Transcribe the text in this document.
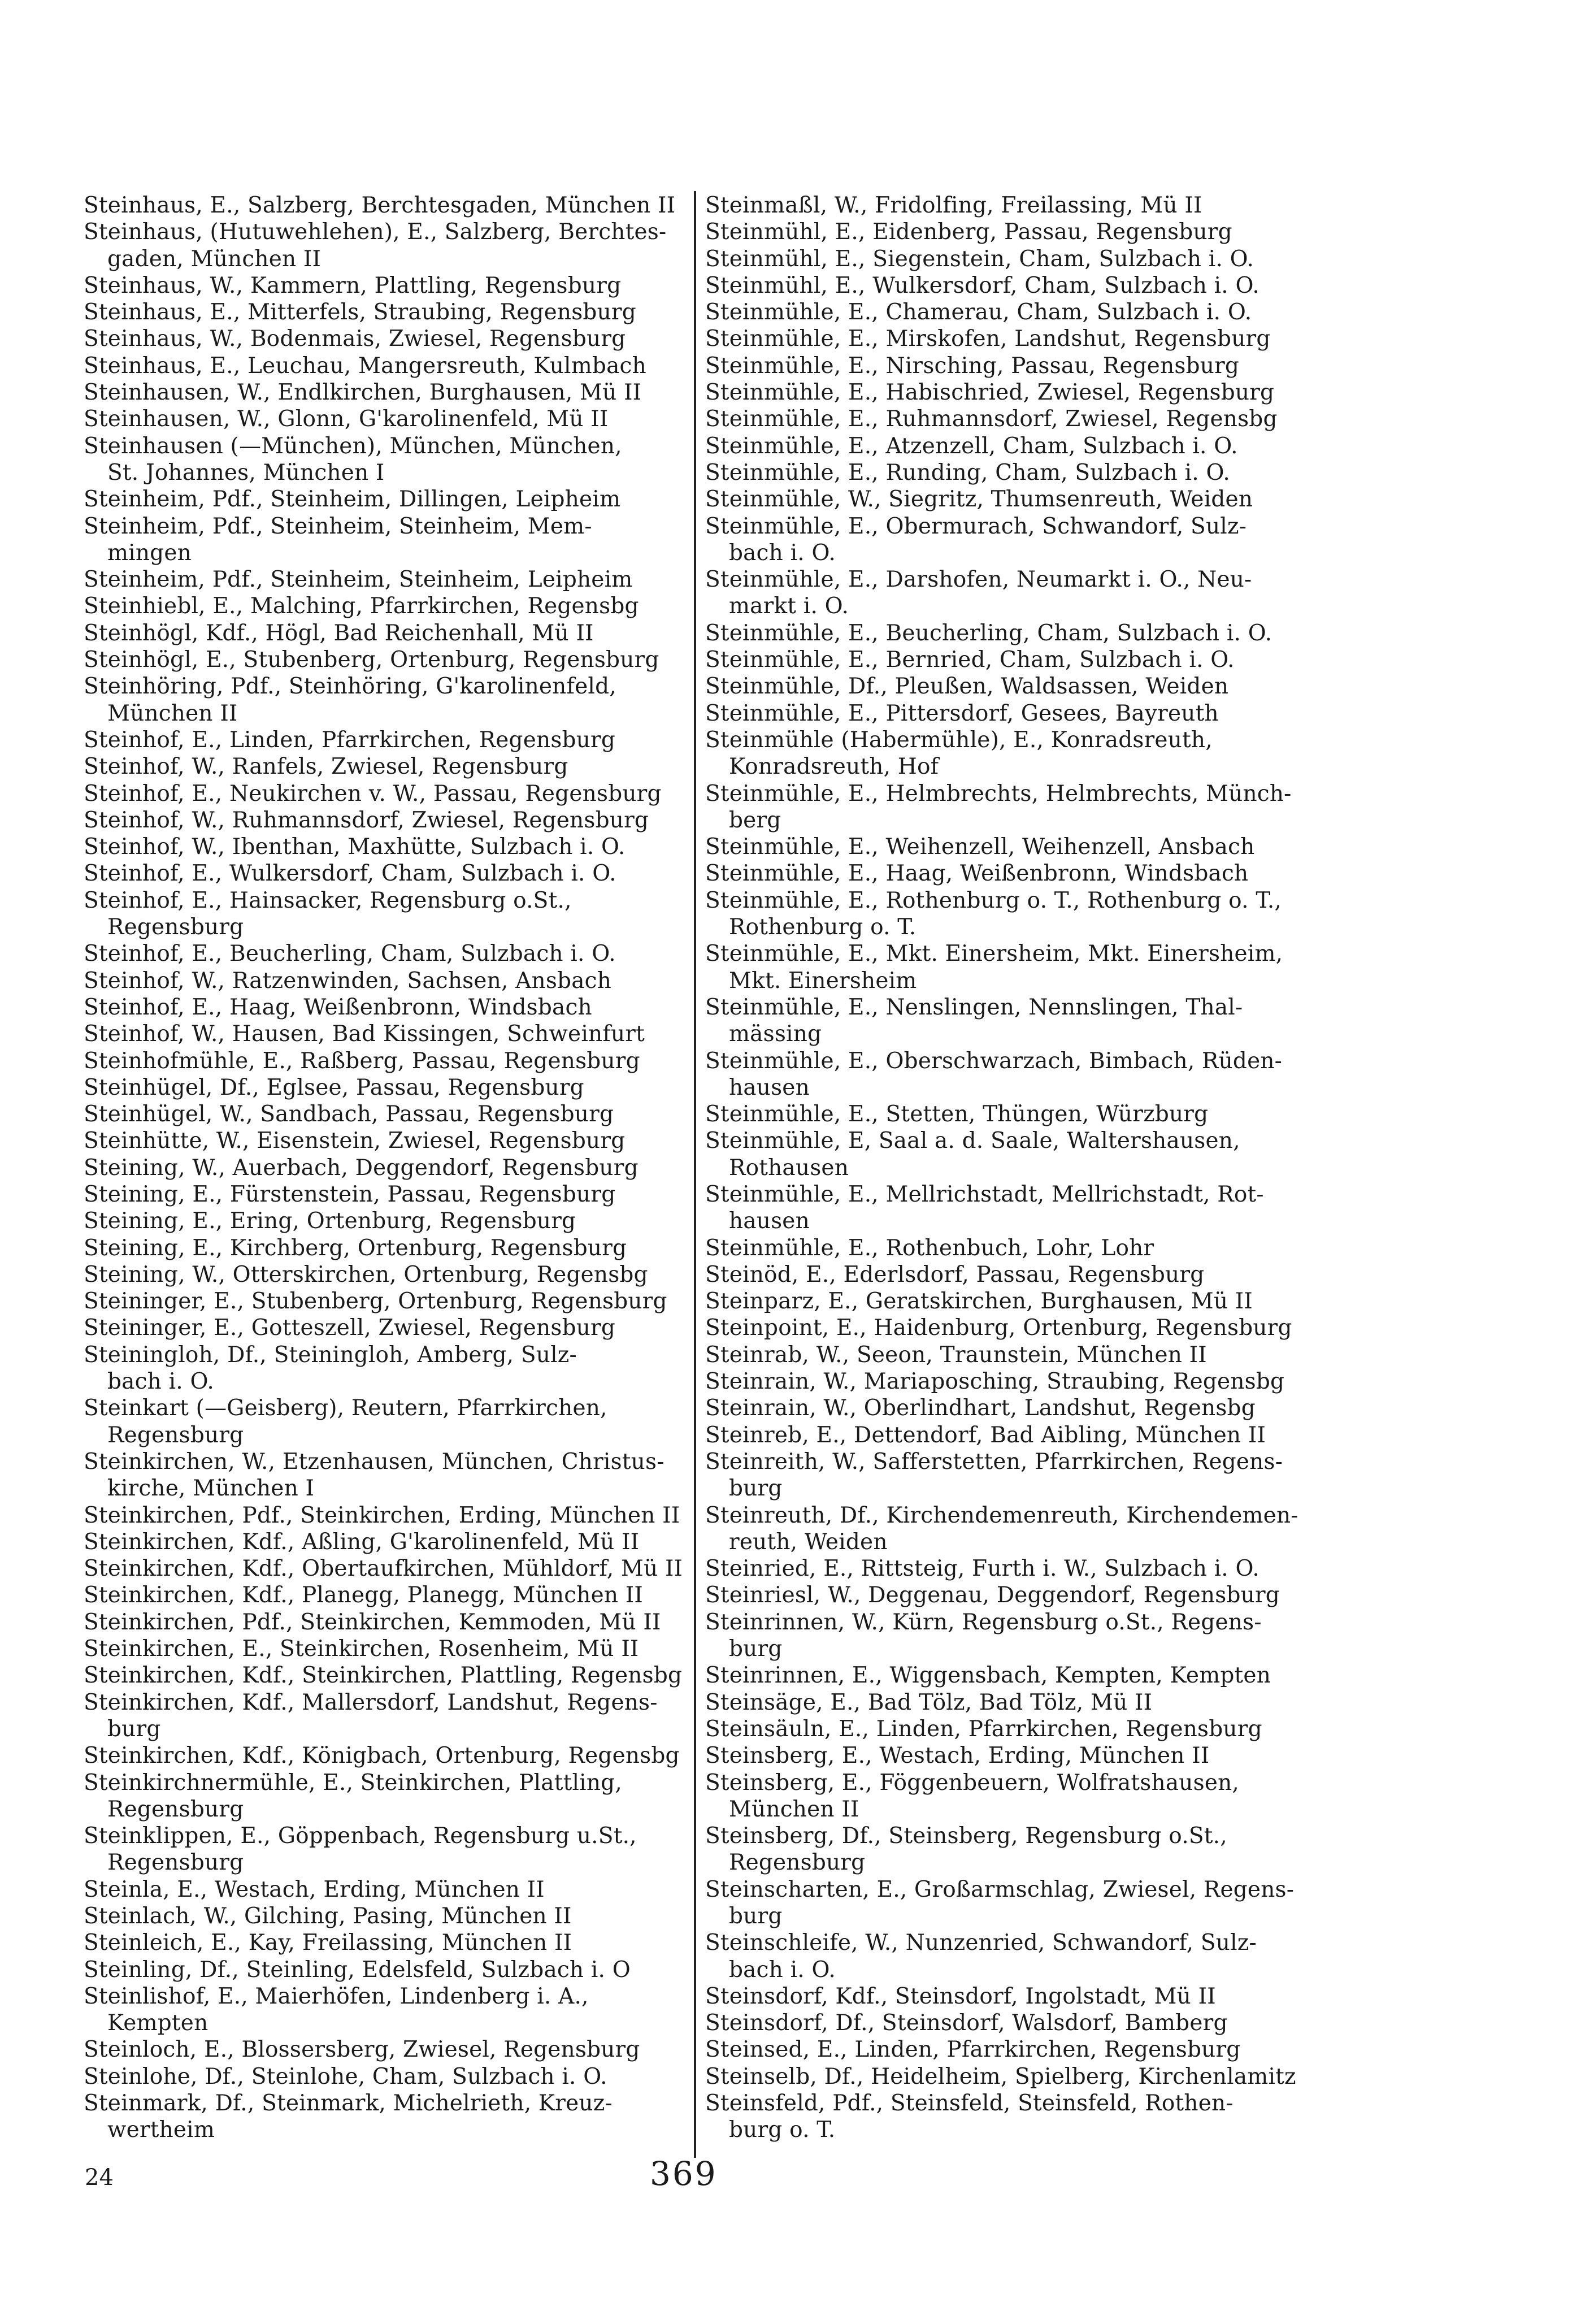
Steinhaus, E., Salzberg, Berchtesgaden, München II
Steinhaus, (Hutuwehlehen), E., Salzberg, Berchtes-
gaden, München II
Steinhaus, W., Kammern, Plattling, Regensburg
Steinhaus, E., Mitterfels, Straubing, Regensburg
Steinhaus, W., Bodenmais, Zwiesel, Regensburg
Steinhaus, E., Leuchau, Mangersreuth, Kulmbach
Steinhausen, W., Endlkirchen, Burghausen, Mü II
Steinhausen, W., Glonn, G'karolinenfeld, Mü II
Steinhausen (—München), München, München,
St. Johannes, München I
Steinheim, Pdf., Steinheim, Dillingen, Leipheim
Steinheim, Pdf., Steinheim, Steinheim, Mem-
mingen
Steinheim, Pdf., Steinheim, Steinheim, Leipheim
Steinhiebl, E., Malching, Pfarrkirchen, Regensbg
Steinhögl, Kdf., Högl, Bad Reichenhall, Mü II
Steinhögl, E., Stubenberg, Ortenburg, Regensburg
Steinhöring, Pdf., Steinhöring, G'karolinenfeld,
München II
Steinhof, E., Linden, Pfarrkirchen, Regensburg
Steinhof, W., Ranfels, Zwiesel, Regensburg
Steinhof, E., Neukirchen v. W., Passau, Regensburg
Steinhof, W., Ruhmannsdorf, Zwiesel, Regensburg
Steinhof, W., Ibenthan, Maxhütte, Sulzbach i. O.
Steinhof, E., Wulkersdorf, Cham, Sulzbach i. O.
Steinhof, E., Hainsacker, Regensburg o.St.,
Regensburg
Steinhof, E., Beucherling, Cham, Sulzbach i. O.
Steinhof, W., Ratzenwinden, Sachsen, Ansbach
Steinhof, E., Haag, Weißenbronn, Windsbach
Steinhof, W., Hausen, Bad Kissingen, Schweinfurt
Steinhofmühle, E., Raßberg, Passau, Regensburg
Steinhügel, Df., Eglsee, Passau, Regensburg
Steinhügel, W., Sandbach, Passau, Regensburg
Steinhütte, W., Eisenstein, Zwiesel, Regensburg
Steining, W., Auerbach, Deggendorf, Regensburg
Steining, E., Fürstenstein, Passau, Regensburg
Steining, E., Ering, Ortenburg, Regensburg
Steining, E., Kirchberg, Ortenburg, Regensburg
Steining, W., Otterskirchen, Ortenburg, Regensbg
Steininger, E., Stubenberg, Ortenburg, Regensburg
Steininger, E., Gotteszell, Zwiesel, Regensburg
Steiningloh, Df., Steiningloh, Amberg, Sulz-
bach i. O.
Steinkart (—Geisberg), Reutern, Pfarrkirchen,
Regensburg
Steinkirchen, W., Etzenhausen, München, Christus-
kirche, München I
Steinkirchen, Pdf., Steinkirchen, Erding, München II
Steinkirchen, Kdf., Aßling, G'karolinenfeld, Mü II
Steinkirchen, Kdf., Obertaufkirchen, Mühldorf, Mü II
Steinkirchen, Kdf., Planegg, Planegg, München II
Steinkirchen, Pdf., Steinkirchen, Kemmoden, Mü II
Steinkirchen, E., Steinkirchen, Rosenheim, Mü II
Steinkirchen, Kdf., Steinkirchen, Plattling, Regensbg
Steinkirchen, Kdf., Mallersdorf, Landshut, Regens-
burg
Steinkirchen, Kdf., Königbach, Ortenburg, Regensbg
Steinkirchnermühle, E., Steinkirchen, Plattling,
Regensburg
Steinklippen, E., Göppenbach, Regensburg u.St.,
Regensburg
Steinla, E., Westach, Erding, München II
Steinlach, W., Gilching, Pasing, München II
Steinleich, E., Kay, Freilassing, München II
Steinling, Df., Steinling, Edelsfeld, Sulzbach i. O
Steinlishof, E., Maierhöfen, Lindenberg i. A.,
Kempten
Steinloch, E., Blossersberg, Zwiesel, Regensburg
Steinlohe, Df., Steinlohe, Cham, Sulzbach i. O.
Steinmark, Df., Steinmark, Michelrieth, Kreuz-
wertheim
Steinmaßl, W., Fridolfing, Freilassing, Mü II
Steinmühl, E., Eidenberg, Passau, Regensburg
Steinmühl, E., Siegenstein, Cham, Sulzbach i. O.
Steinmühl, E., Wulkersdorf, Cham, Sulzbach i. O.
Steinmühle, E., Chamerau, Cham, Sulzbach i. O.
Steinmühle, E., Mirskofen, Landshut, Regensburg
Steinmühle, E., Nirsching, Passau, Regensburg
Steinmühle, E., Habischried, Zwiesel, Regensburg
Steinmühle, E., Ruhmannsdorf, Zwiesel, Regensbg
Steinmühle, E., Atzenzell, Cham, Sulzbach i. O.
Steinmühle, E., Runding, Cham, Sulzbach i. O.
Steinmühle, W., Siegritz, Thumsenreuth, Weiden
Steinmühle, E., Obermurach, Schwandorf, Sulz-
bach i. O.
Steinmühle, E., Darshofen, Neumarkt i. O., Neu-
markt i. O.
Steinmühle, E., Beucherling, Cham, Sulzbach i. O.
Steinmühle, E., Bernried, Cham, Sulzbach i. O.
Steinmühle, Df., Pleußen, Waldsassen, Weiden
Steinmühle, E., Pittersdorf, Gesees, Bayreuth
Steinmühle (Habermühle), E., Konradsreuth,
Konradsreuth, Hof
Steinmühle, E., Helmbrechts, Helmbrechts, Münch-
berg
Steinmühle, E., Weihenzell, Weihenzell, Ansbach
Steinmühle, E., Haag, Weißenbronn, Windsbach
Steinmühle, E., Rothenburg o. T., Rothenburg o. T.,
Rothenburg o. T.
Steinmühle, E., Mkt. Einersheim, Mkt. Einersheim,
Mkt. Einersheim
Steinmühle, E., Nenslingen, Nennslingen, Thal-
mässing
Steinmühle, E., Oberschwarzach, Bimbach, Rüden-
hausen
Steinmühle, E., Stetten, Thüngen, Würzburg
Steinmühle, E, Saal a. d. Saale, Waltershausen,
Rothausen
Steinmühle, E., Mellrichstadt, Mellrichstadt, Rot-
hausen
Steinmühle, E., Rothenbuch, Lohr, Lohr
Steinöd, E., Ederlsdorf, Passau, Regensburg
Steinparz, E., Geratskirchen, Burghausen, Mü II
Steinpoint, E., Haidenburg, Ortenburg, Regensburg
Steinrab, W., Seeon, Traunstein, München II
Steinrain, W., Mariaposching, Straubing, Regensbg
Steinrain, W., Oberlindhart, Landshut, Regensbg
Steinreb, E., Dettendorf, Bad Aibling, München II
Steinreith, W., Safferstetten, Pfarrkirchen, Regens-
burg
Steinreuth, Df., Kirchendemenreuth, Kirchendemen-
reuth, Weiden
Steinried, E., Rittsteig, Furth i. W., Sulzbach i. O.
Steinriesl, W., Deggenau, Deggendorf, Regensburg
Steinrinnen, W., Kürn, Regensburg o.St., Regens-
burg
Steinrinnen, E., Wiggensbach, Kempten, Kempten
Steinsäge, E., Bad Tölz, Bad Tölz, Mü II
Steinsäuln, E., Linden, Pfarrkirchen, Regensburg
Steinsberg, E., Westach, Erding, München II
Steinsberg, E., Föggenbeuern, Wolfratshausen,
München II
Steinsberg, Df., Steinsberg, Regensburg o.St.,
Regensburg
Steinscharten, E., Großarmschlag, Zwiesel, Regens-
burg
Steinschleife, W., Nunzenried, Schwandorf, Sulz-
bach i. O.
Steinsdorf, Kdf., Steinsdorf, Ingolstadt, Mü II
Steinsdorf, Df., Steinsdorf, Walsdorf, Bamberg
Steinsed, E., Linden, Pfarrkirchen, Regensburg
Steinselb, Df., Heidelheim, Spielberg, Kirchenlamitz
Steinsfeld, Pdf., Steinsfeld, Steinsfeld, Rothen-
burg o. T.
24	369
